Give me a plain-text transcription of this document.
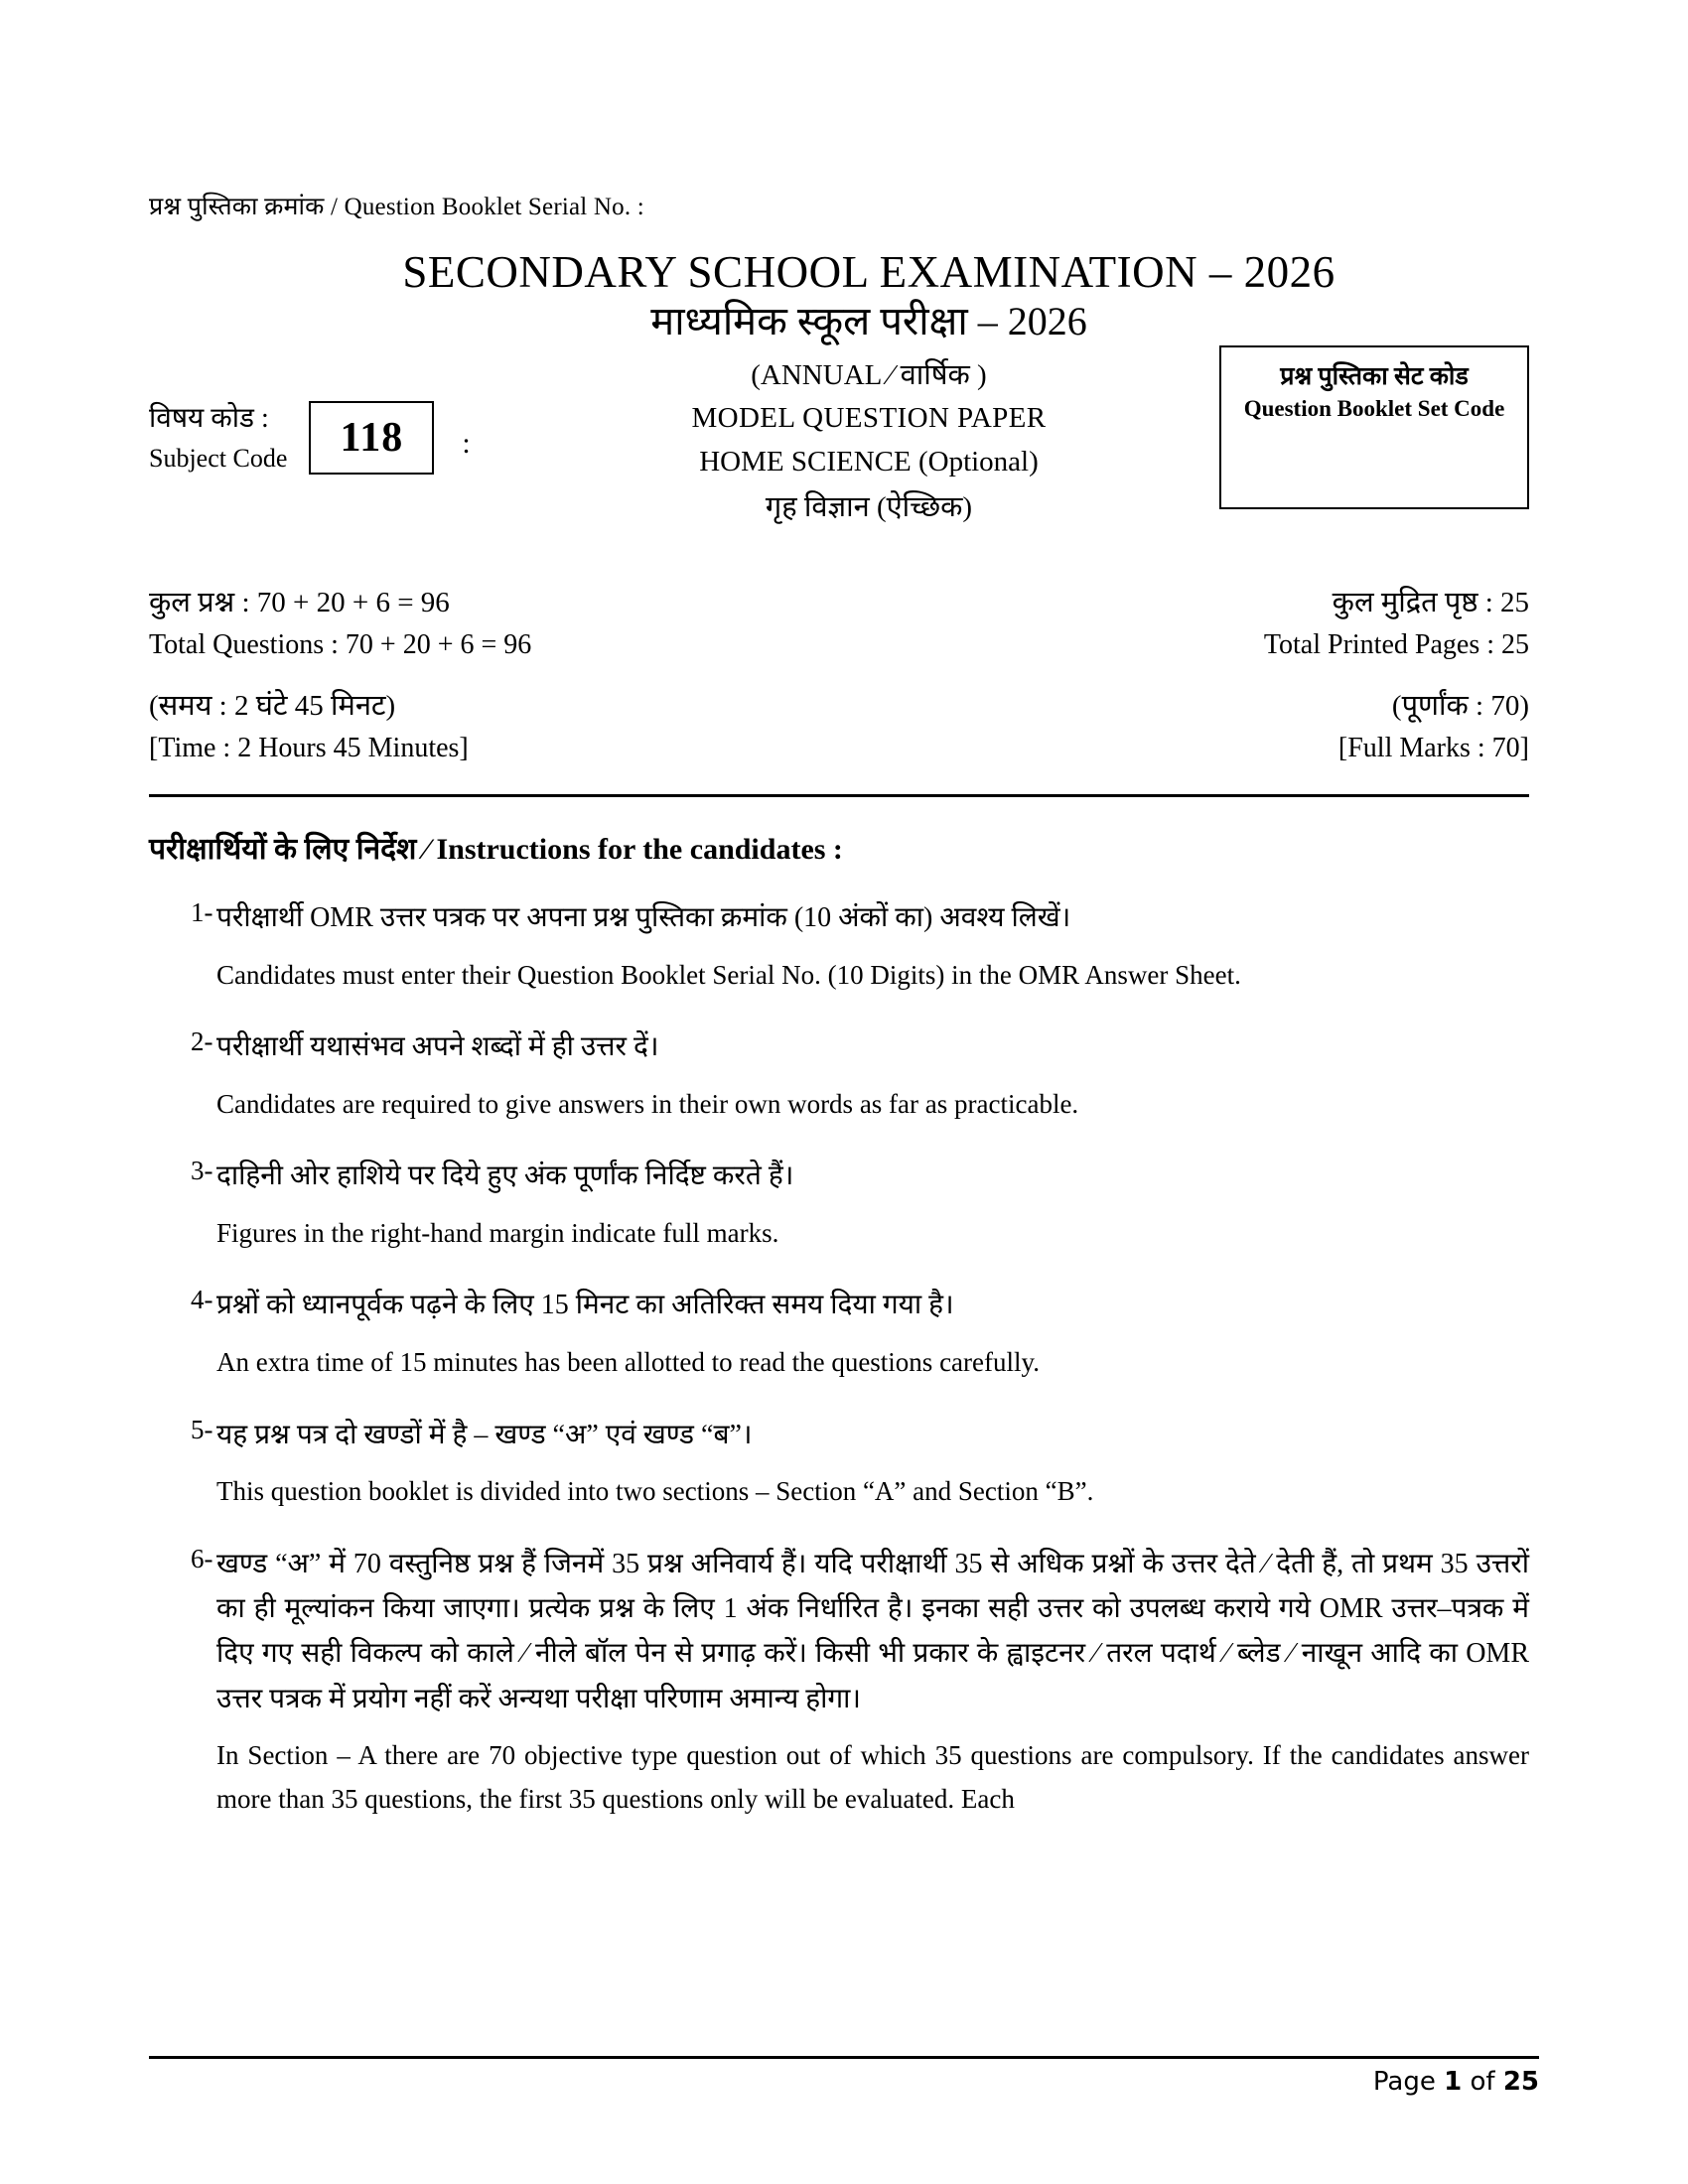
प्रश्न पुस्तिका क्रमांक / Question Booklet Serial No. :
SECONDARY SCHOOL EXAMINATION – 2026
माध्यमिक स्कूल परीक्षा – 2026
(ANNUAL ⁄ वार्षिक )
MODEL QUESTION PAPER
HOME SCIENCE (Optional)
गृह विज्ञान (ऐच्छिक)
विषय कोड :
Subject Code	118	:
प्रश्न पुस्तिका सेट कोड
Question Booklet Set Code
कुल प्रश्न : 70 + 20 + 6 = 96
Total Questions : 70 + 20 + 6 = 96
कुल मुद्रित पृष्ठ : 25
Total Printed Pages : 25
(समय : 2 घंटे 45 मिनट)
[Time : 2 Hours 45 Minutes]
(पूर्णांक : 70)
[Full Marks : 70]
परीक्षार्थियों के लिए निर्देश ⁄ Instructions for the candidates :
1- परीक्षार्थी OMR उत्तर पत्रक पर अपना प्रश्न पुस्तिका क्रमांक (10 अंकों का) अवश्य लिखें।
Candidates must enter their Question Booklet Serial No. (10 Digits) in the OMR Answer Sheet.
2- परीक्षार्थी यथासंभव अपने शब्दों में ही उत्तर दें।
Candidates are required to give answers in their own words as far as practicable.
3- दाहिनी ओर हाशिये पर दिये हुए अंक पूर्णांक निर्दिष्ट करते हैं।
Figures in the right-hand margin indicate full marks.
4- प्रश्नों को ध्यानपूर्वक पढ़ने के लिए 15 मिनट का अतिरिक्त समय दिया गया है।
An extra time of 15 minutes has been allotted to read the questions carefully.
5- यह प्रश्न पत्र दो खण्डों में है – खण्ड “अ” एवं खण्ड “ब”।
This question booklet is divided into two sections – Section “A” and Section “B”.
6- खण्ड “अ” में 70 वस्तुनिष्ठ प्रश्न हैं जिनमें 35 प्रश्न अनिवार्य हैं। यदि परीक्षार्थी 35 से अधिक प्रश्नों के उत्तर देते ⁄ देती हैं, तो प्रथम 35 उत्तरों का ही मूल्यांकन किया जाएगा। प्रत्येक प्रश्न के लिए 1 अंक निर्धारित है। इनका सही उत्तर को उपलब्ध कराये गये OMR उत्तर–पत्रक में दिए गए सही विकल्प को काले ⁄ नीले बॉल पेन से प्रगाढ़ करें। किसी भी प्रकार के ह्वाइटनर ⁄ तरल पदार्थ ⁄ ब्लेड ⁄ नाखून आदि का OMR उत्तर पत्रक में प्रयोग नहीं करें अन्यथा परीक्षा परिणाम अमान्य होगा।
In Section – A there are 70 objective type question out of which 35 questions are compulsory. If the candidates answer more than 35 questions, the first 35 questions only will be evaluated. Each
Page 1 of 25
